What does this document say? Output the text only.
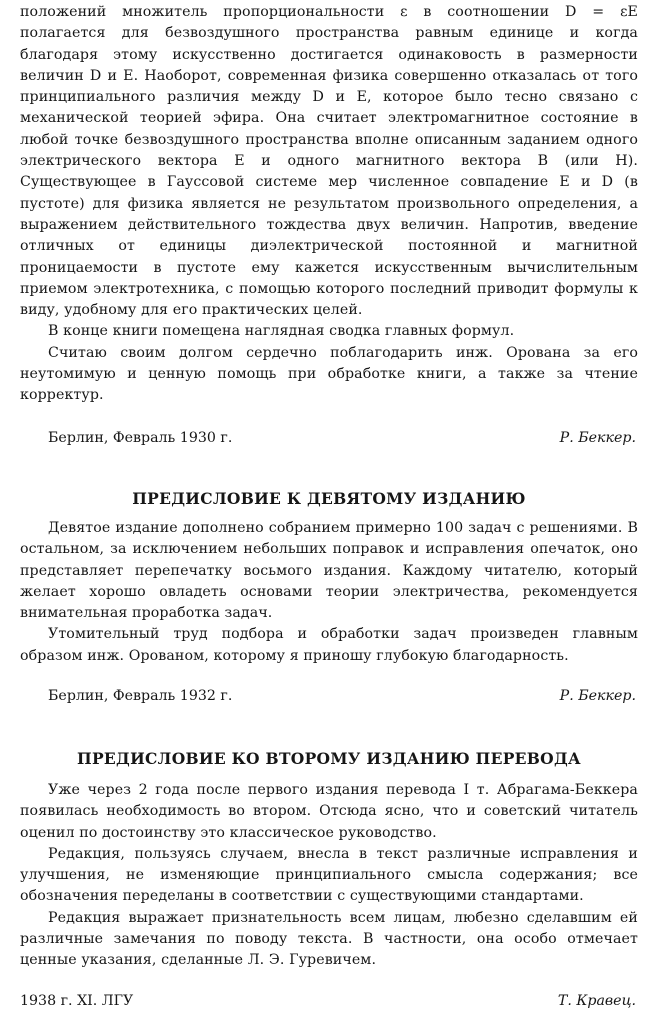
положений множитель пропорциональности ε в соотношении D = εE полагается для безвоздушного пространства равным единице и когда благодаря этому искусственно достигается одинаковость в размерности величин D и E. Наоборот, современная физика совершенно отказалась от того принципиального различия между D и E, которое было тесно связано с механической теорией эфира. Она считает электромагнитное состояние в любой точке безвоздушного пространства вполне описанным заданием одного электрического вектора E и одного магнитного вектора B (или H). Существующее в Гауссовой системе мер численное совпадение E и D (в пустоте) для физика является не результатом произвольного определения, а выражением действительного тождества двух величин. Напротив, введение отличных от единицы диэлектрической постоянной и магнитной проницаемости в пустоте ему кажется искусственным вычислительным приемом электротехника, с помощью которого последний приводит формулы к виду, удобному для его практических целей.

В конце книги помещена наглядная сводка главных формул.

Считаю своим долгом сердечно поблагодарить инж. Орована за его неутомимую и ценную помощь при обработке книги, а также за чтение корректур.

Берлин, Февраль 1930 г.	Р. Беккер.
ПРЕДИСЛОВИЕ К ДЕВЯТОМУ ИЗДАНИЮ

Девятое издание дополнено собранием примерно 100 задач с решениями. В остальном, за исключением небольших поправок и исправления опечаток, оно представляет перепечатку восьмого издания. Каждому читателю, который желает хорошо овладеть основами теории электричества, рекомендуется внимательная проработка задач.

Утомительный труд подбора и обработки задач произведен главным образом инж. Орованом, которому я приношу глубокую благодарность.

Берлин, Февраль 1932 г.	Р. Беккер.
ПРЕДИСЛОВИЕ КО ВТОРОМУ ИЗДАНИЮ ПЕРЕВОДА

Уже через 2 года после первого издания перевода I т. Абрагама-Беккера появилась необходимость во втором. Отсюда ясно, что и советский читатель оценил по достоинству это классическое руководство.

Редакция, пользуясь случаем, внесла в текст различные исправления и улучшения, не изменяющие принципиального смысла содержания; все обозначения переделаны в соответствии с существующими стандартами.

Редакция выражает признательность всем лицам, любезно сделавшим ей различные замечания по поводу текста. В частности, она особо отмечает ценные указания, сделанные Л. Э. Гуревичем.

1938 г. XI. ЛГУ	Т. Кравец.
